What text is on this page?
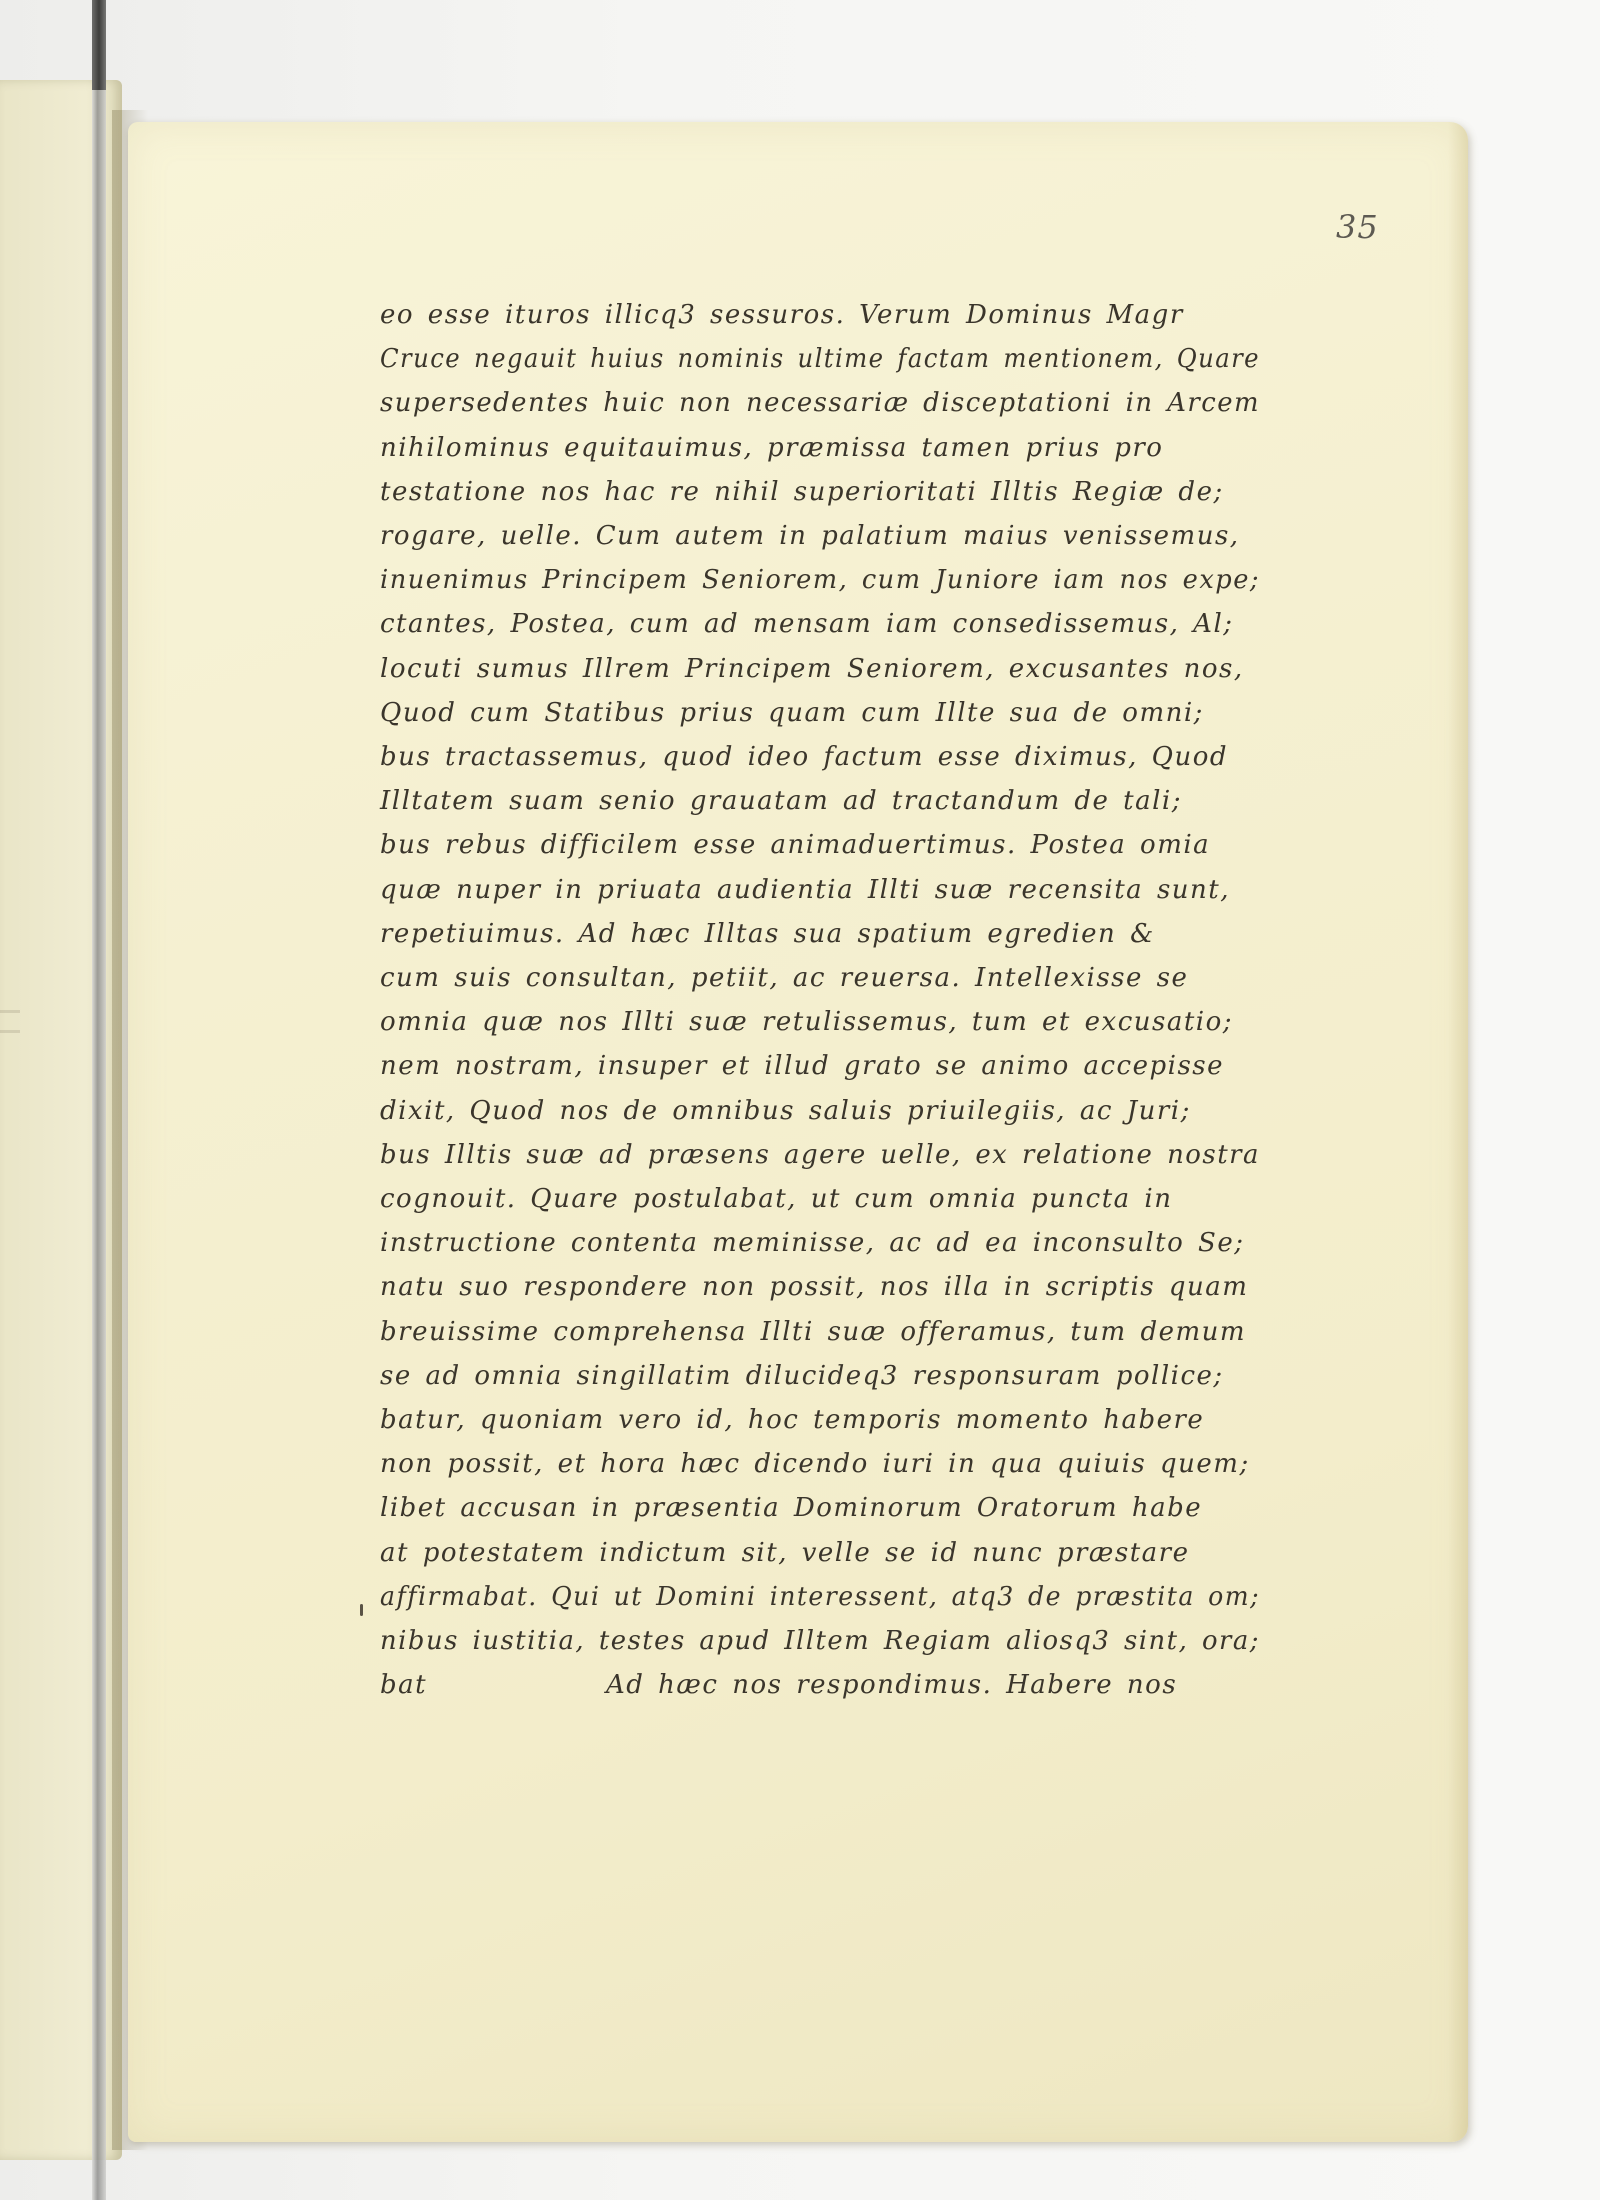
35
eo esse ituros illicq3 sessuros. Verum Dominus Magr
Cruce negauit huius nominis ultime factam mentionem, Quare
supersedentes huic non necessariæ disceptationi in Arcem
nihilominus equitauimus, præmissa tamen prius pro
testatione nos hac re nihil superioritati Illtis Regiæ de;
rogare, uelle. Cum autem in palatium maius venissemus,
inuenimus Principem Seniorem, cum Juniore iam nos expe;
ctantes, Postea, cum ad mensam iam consedissemus, Al;
locuti sumus Illrem Principem Seniorem, excusantes nos,
Quod cum Statibus prius quam cum Illte sua de omni;
bus tractassemus, quod ideo factum esse diximus, Quod
Illtatem suam senio grauatam ad tractandum de tali;
bus rebus difficilem esse animaduertimus. Postea omia
quæ nuper in priuata audientia Illti suæ recensita sunt,
repetiuimus. Ad hæc Illtas sua spatium egredien &
cum suis consultan, petiit, ac reuersa. Intellexisse se
omnia quæ nos Illti suæ retulissemus, tum et excusatio;
nem nostram, insuper et illud grato se animo accepisse
dixit, Quod nos de omnibus saluis priuilegiis, ac Juri;
bus Illtis suæ ad præsens agere uelle, ex relatione nostra
cognouit. Quare postulabat, ut cum omnia puncta in
instructione contenta meminisse, ac ad ea inconsulto Se;
natu suo respondere non possit, nos illa in scriptis quam
breuissime comprehensa Illti suæ offeramus, tum demum
se ad omnia singillatim dilucideq3 responsuram pollice;
batur, quoniam vero id, hoc temporis momento habere
non possit, et hora hæc dicendo iuri in qua quiuis quem;
libet accusan in præsentia Dominorum Oratorum habe
at potestatem indictum sit, velle se id nunc præstare
affirmabat. Qui ut Domini interessent, atq3 de præstita om;
nibus iustitia, testes apud Illtem Regiam aliosq3 sint, ora;
bat	Ad hæc nos respondimus. Habere nos
